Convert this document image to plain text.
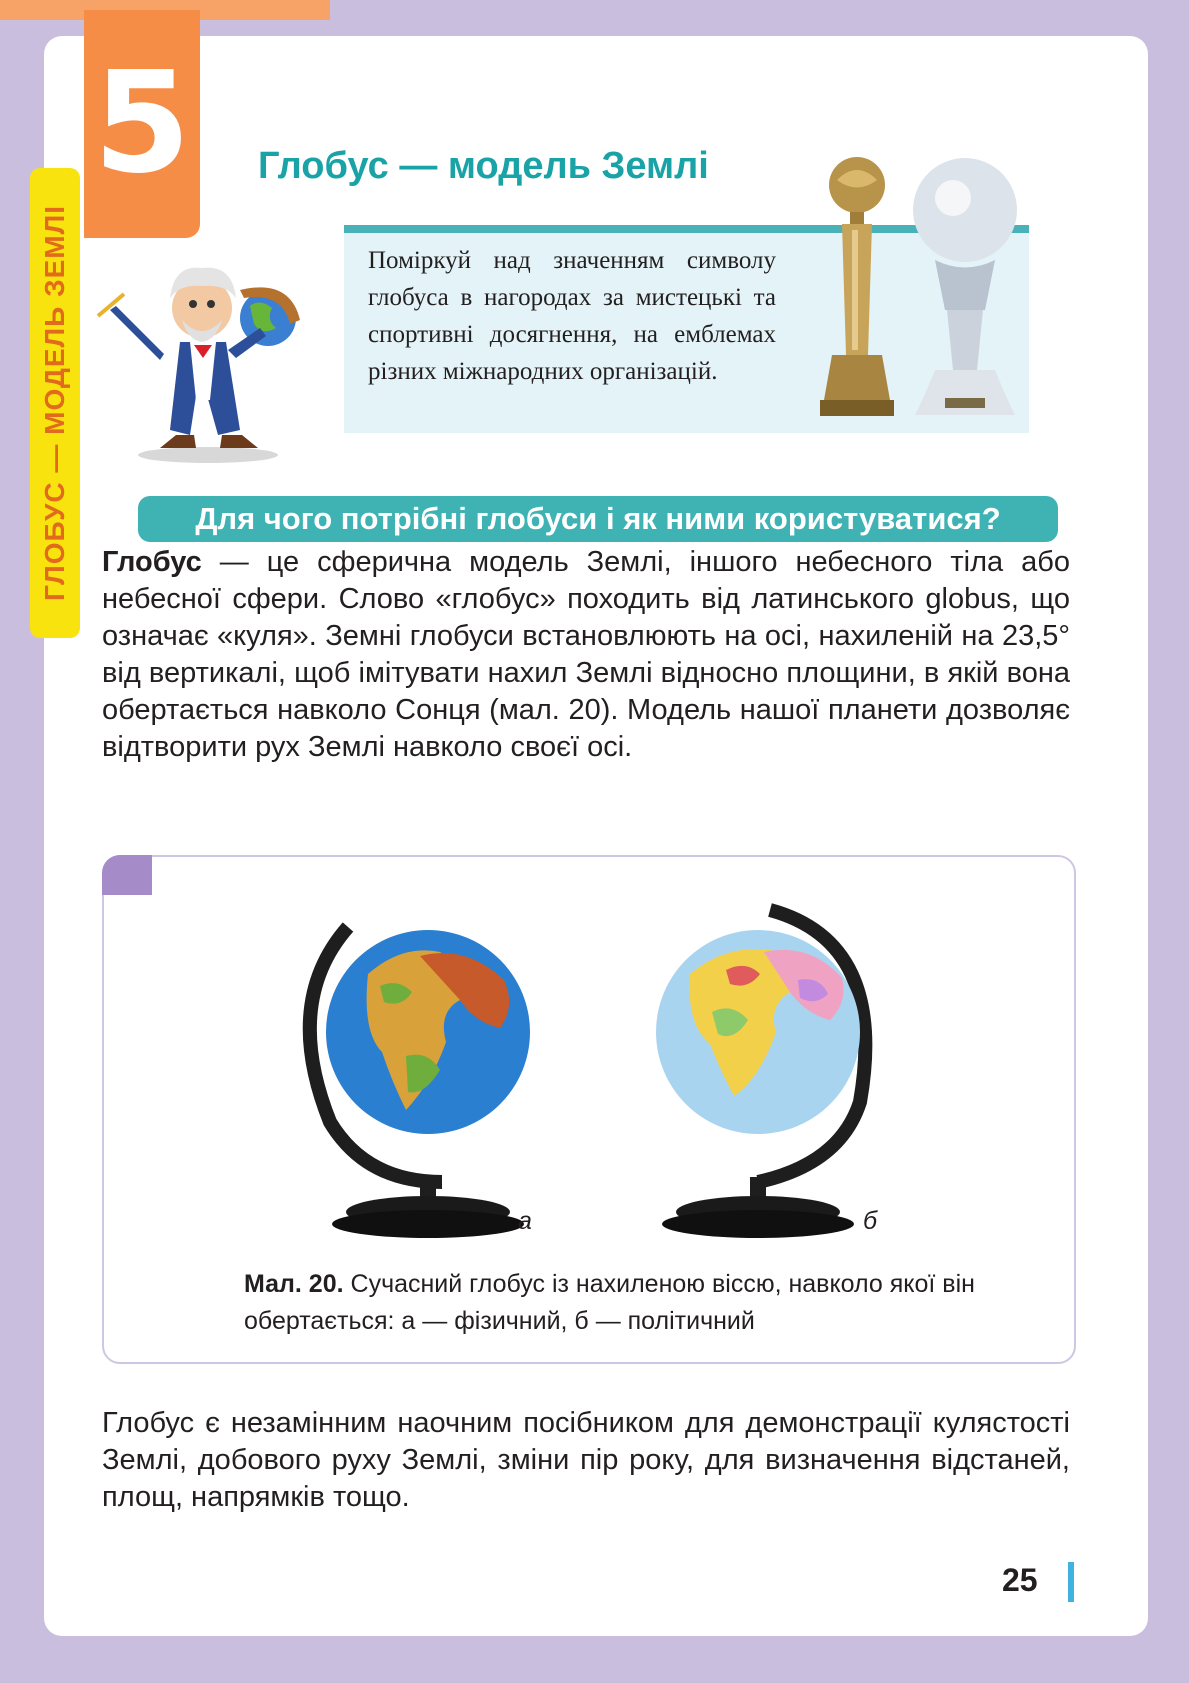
5
ГЛОБУС — МОДЕЛЬ ЗЕМЛІ
Глобус — модель Землі

Поміркуй над значенням символу глобуса в нагородах за мистецькі та спортивні досягнення, на емблемах різних міжнародних організацій.

Для чого потрібні глобуси і як ними користуватися?

Глобус — це сферична модель Землі, іншого небесного тіла або небесної сфери. Слово «глобус» походить від латинського globus, що означає «куля». Земні глобуси встановлюють на осі, нахиленій на 23,5° від вертикалі, щоб імітувати нахил Землі відносно площини, в якій вона обертається навколо Сонця (мал. 20). Модель нашої планети дозволяє відтворити рух Землі навколо своєї осі.

а	б

Мал. 20. Сучасний глобус із нахиленою віссю, навколо якої він обертається: а — фізичний, б — політичний

Глобус є незамінним наочним посібником для демонстрації кулястості Землі, добового руху Землі, зміни пір року, для визначення відстаней, площ, напрямків тощо.

25
